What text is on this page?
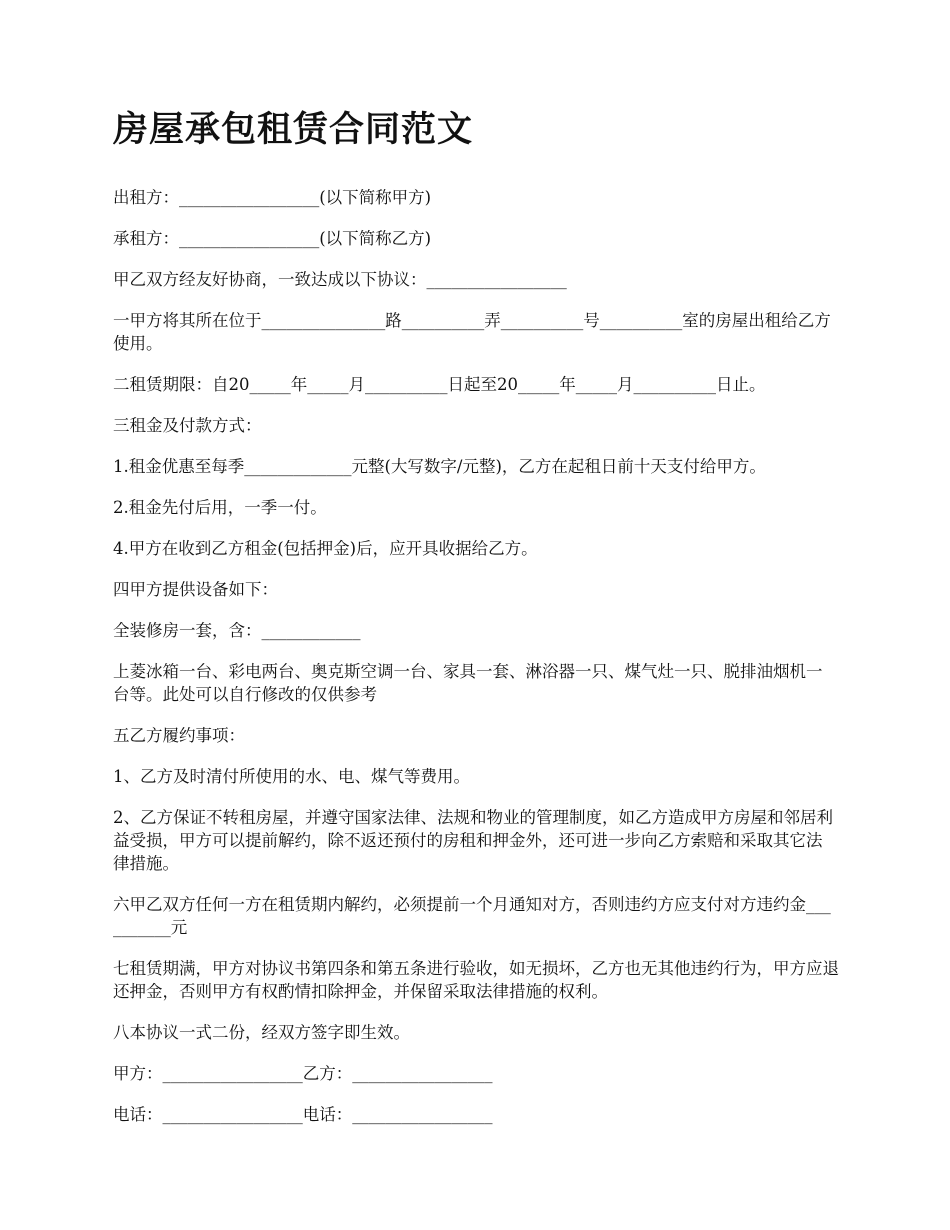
房屋承包租赁合同范文

出租方：_________________(以下简称甲方)

承租方：_________________(以下简称乙方)

甲乙双方经友好协商，一致达成以下协议：_________________

一甲方将其所在位于_______________路__________弄__________号__________室的房屋出租给乙方使用。

二租赁期限：自20_____年_____月__________日起至20_____年_____月__________日止。

三租金及付款方式：

1.租金优惠至每季_____________元整(大写数字/元整)，乙方在起租日前十天支付给甲方。

2.租金先付后用，一季一付。

4.甲方在收到乙方租金(包括押金)后，应开具收据给乙方。

四甲方提供设备如下：

全装修房一套，含：____________

上菱冰箱一台、彩电两台、奥克斯空调一台、家具一套、淋浴器一只、煤气灶一只、脱排油烟机一台等。此处可以自行修改的仅供参考

五乙方履约事项：

1、乙方及时清付所使用的水、电、煤气等费用。

2、乙方保证不转租房屋，并遵守国家法律、法规和物业的管理制度，如乙方造成甲方房屋和邻居利益受损，甲方可以提前解约，除不返还预付的房租和押金外，还可进一步向乙方索赔和采取其它法律措施。

六甲乙双方任何一方在租赁期内解约，必须提前一个月通知对方，否则违约方应支付对方违约金__________元

七租赁期满，甲方对协议书第四条和第五条进行验收，如无损坏，乙方也无其他违约行为，甲方应退还押金，否则甲方有权酌情扣除押金，并保留采取法律措施的权利。

八本协议一式二份，经双方签字即生效。

甲方：_________________乙方：_________________

电话：_________________电话：_________________
